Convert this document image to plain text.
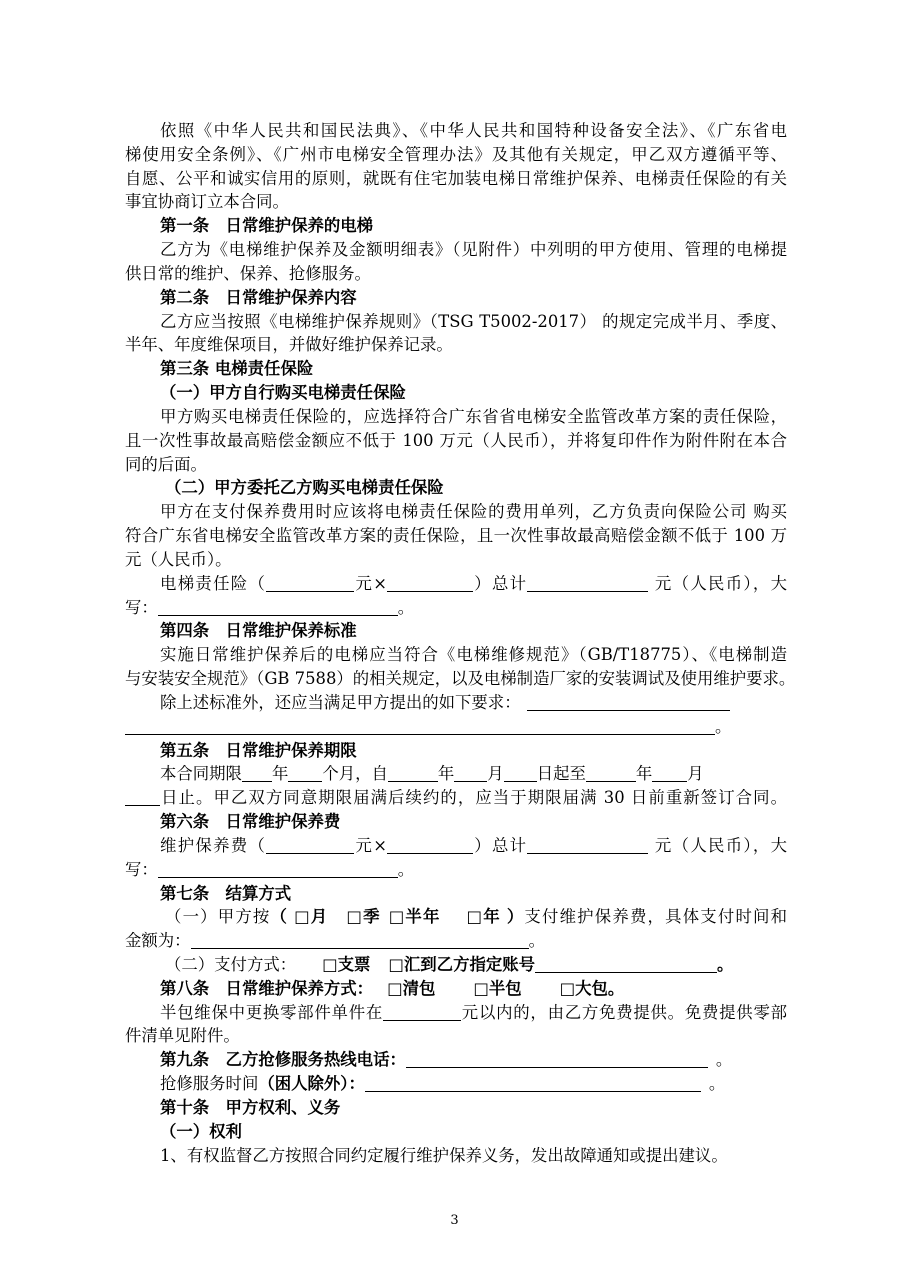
依照《中华人民共和国民法典》、《中华人民共和国特种设备安全法》、《广东省电
梯使用安全条例》、《广州市电梯安全管理办法》及其他有关规定，甲乙双方遵循平等、
自愿、公平和诚实信用的原则，就既有住宅加装电梯日常维护保养、电梯责任保险的有关
事宜协商订立本合同。
第一条　日常维护保养的电梯
乙方为《电梯维护保养及金额明细表》（见附件）中列明的甲方使用、管理的电梯提
供日常的维护、保养、抢修服务。
第二条　日常维护保养内容
乙方应当按照《电梯维护保养规则》（TSG T5002-2017） 的规定完成半月、季度、
半年、年度维保项目，并做好维护保养记录。
第三条 电梯责任保险
（一）甲方自行购买电梯责任保险
甲方购买电梯责任保险的，应选择符合广东省省电梯安全监管改革方案的责任保险，
且一次性事故最高赔偿金额应不低于 100 万元（人民币），并将复印件作为附件附在本合
同的后面。
（二）甲方委托乙方购买电梯责任保险
甲方在支付保养费用时应该将电梯责任保险的费用单列，乙方负责向保险公司 购买
符合广东省电梯安全监管改革方案的责任保险，且一次性事故最高赔偿金额不低于 100 万
元（人民币）。
电梯责任险（	元×	）总计	元（人民币），大
写：	。
第四条　日常维护保养标准
实施日常维护保养后的电梯应当符合《电梯维修规范》（GB/T18775）、《电梯制造
与安装安全规范》（GB 7588）的相关规定，以及电梯制造厂家的安装调试及使用维护要求。
除上述标准外，还应当满足甲方提出的如下要求：
。
第五条　日常维护保养期限
本合同期限 年 个月，自	年 月 日起至	年 月
日止。甲乙双方同意期限届满后续约的，应当于期限届满 30 日前重新签订合同。
第六条　日常维护保养费
维护保养费（	元×	）总计	元（人民币），大
写：	。
第七条　结算方式
（一）甲方按（ □月 □季 □半年 □年 ）支付维护保养费，具体支付时间和
金额为：	。
（二）支付方式： □支票 □汇到乙方指定账号	。
第八条　日常维护保养方式： □清包 □半包 □大包。
半包维保中更换零部件单件在	元以内的，由乙方免费提供。免费提供零部
件清单见附件。
第九条　乙方抢修服务热线电话：	。
抢修服务时间（困人除外）：	。
第十条　甲方权利、义务
（一）权利
1、有权监督乙方按照合同约定履行维护保养义务，发出故障通知或提出建议。
3
